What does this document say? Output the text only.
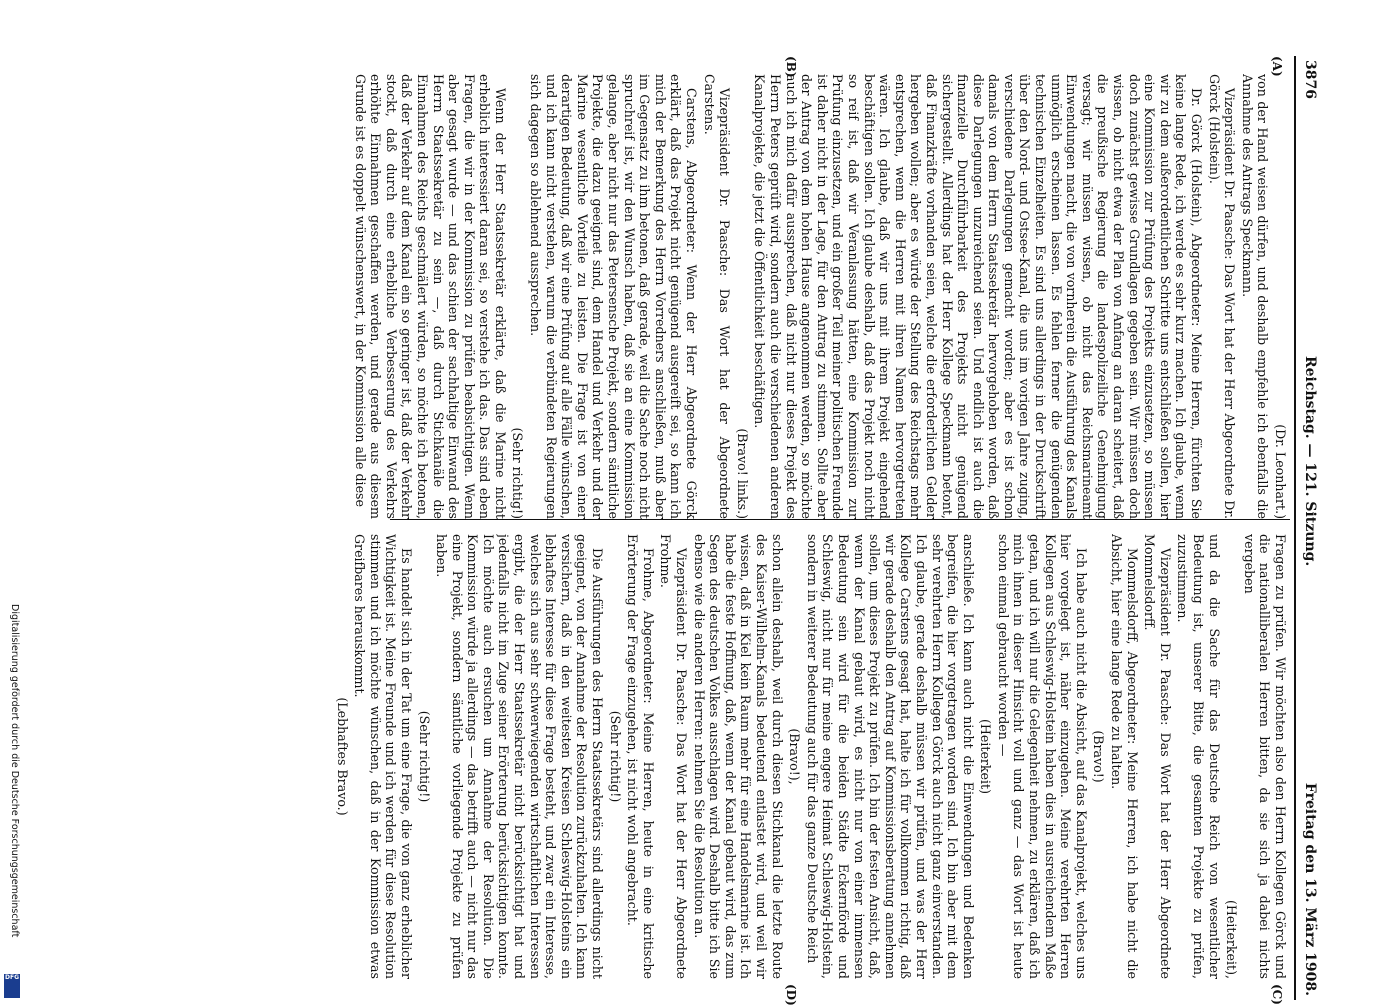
3876
Reichstag. — 121. Sitzung.
Freitag den 13. März 1908.
(A)
(B)
(C)
(D)

(Dr. Leonhart.)

von der Hand weisen dürfen, und deshalb empfehle ich ebenfalls die Annahme des Antrags Speckmann.

Vizepräsident Dr. Paasche: Das Wort hat der Herr Abgeordnete Dr. Görck (Holstein).

Dr. Görck (Holstein), Abgeordneter: Meine Herren, fürchten Sie keine lange Rede, ich werde es sehr kurz machen. Ich glaube, wenn wir zu dem außerordentlichen Schritte uns entschließen sollen, hier eine Kommission zur Prüfung des Projekts einzusetzen, so müssen doch zunächst gewisse Grundlagen gegeben sein. Wir müssen doch wissen, ob nicht etwa der Plan von Anfang an daran scheitert, daß die preußische Regierung die landespolizeiliche Genehmigung versagt; wir müssen wissen, ob nicht das Reichsmarineamt Einwendungen macht, die von vornherein die Ausführung des Kanals unmöglich erscheinen lassen. Es fehlen ferner die genügenden technischen Einzelheiten. Es sind uns allerdings in der Druckschrift über den Nord- und Ostsee-Kanal, die uns im vorigen Jahre zuging, verschiedene Darlegungen gemacht worden; aber es ist schon damals von dem Herrn Staatssekretär hervorgehoben worden, daß diese Darlegungen unzureichend seien. Und endlich ist auch die finanzielle Durchführbarkeit des Projekts nicht genügend sichergestellt. Allerdings hat der Herr Kollege Speckmann betont, daß Finanzkräfte vorhanden seien, welche die erforderlichen Gelder hergeben wollen; aber es würde der Stellung des Reichstags mehr entsprechen, wenn die Herren mit ihren Namen hervorgetreten wären. Ich glaube, daß wir uns mit ihrem Projekt eingehend beschäftigen sollen. Ich glaube deshalb, daß das Projekt noch nicht so reif ist, daß wir Veranlassung hätten, eine Kommission zur Prüfung einzusetzen, und ein großer Teil meiner politischen Freunde ist daher nicht in der Lage, für den Antrag zu stimmen. Sollte aber der Antrag von dem hohen Hause angenommen werden, so möchte auch ich mich dafür aussprechen, daß nicht nur dieses Projekt des Herrn Peters geprüft wird, sondern auch die verschiedenen anderen Kanalprojekte, die jetzt die Öffentlichkeit beschäftigen.

(Bravo! links.)

Vizepräsident Dr. Paasche: Das Wort hat der Abgeordnete Carstens.

Carstens, Abgeordneter: Wenn der Herr Abgeordnete Görck erklärt, daß das Projekt nicht genügend ausgereift sei, so kann ich mich der Bemerkung des Herrn Vorredners anschließen, muß aber im Gegensatz zu ihm betonen, daß gerade, weil die Sache noch nicht spruchreif ist, wir den Wunsch haben, daß sie an eine Kommission gelange, aber nicht nur das Petersensche Projekt, sondern sämtliche Projekte, die dazu geeignet sind, dem Handel und Verkehr und der Marine wesentliche Vorteile zu leisten. Die Frage ist von einer derartigen Bedeutung, daß wir eine Prüfung auf alle Fälle wünschen, und ich kann nicht verstehen, warum die verbündeten Regierungen sich dagegen so ablehnend aussprechen.

(Sehr richtig!)

Wenn der Herr Staatssekretär erklärte, daß die Marine nicht erheblich interessiert daran sei, so verstehe ich das. Das sind eben Fragen, die wir in der Kommission zu prüfen beabsichtigen. Wenn aber gesagt wurde — und das schien der sachhaltige Einwand des Herrn Staatssekretär zu sein —, daß durch Stichkanäle die Einnahmen des Reichs geschmälert würden, so möchte ich betonen, daß der Verkehr auf dem Kanal ein so geringer ist, daß der Verkehr stockt, daß durch eine erhebliche Verbesserung des Verkehrs erhöhte Einnahmen geschaffen werden, und gerade aus diesem Grunde ist es doppelt wünschenswert, in der Kommission alle diese

Fragen zu prüfen. Wir möchten also den Herrn Kollegen Görck und die nationalliberalen Herren bitten, da sie sich ja dabei nichts vergeben

(Heiterkeit),

und da die Sache für das Deutsche Reich von wesentlicher Bedeutung ist, unserer Bitte, die gesamten Projekte zu prüfen, zuzustimmen.

Vizepräsident Dr. Paasche: Das Wort hat der Herr Abgeordnete Mommelsdorff.

Mommelsdorff, Abgeordneter: Meine Herren, ich habe nicht die Absicht, hier eine lange Rede zu halten.

(Bravo!)

Ich habe auch nicht die Absicht, auf das Kanalprojekt, welches uns hier vorgelegt ist, näher einzugehen. Meine verehrten Herren Kollegen aus Schleswig-Holstein haben dies in ausreichendem Maße getan, und ich will nur die Gelegenheit nehmen, zu erklären, daß ich mich ihnen in dieser Hinsicht voll und ganz — das Wort ist heute schon einmal gebraucht worden —

(Heiterkeit)

anschließe. Ich kann auch nicht die Einwendungen und Bedenken begreifen, die hier vorgetragen worden sind. Ich bin aber mit dem sehr verehrten Herrn Kollegen Görck auch nicht ganz einverstanden. Ich glaube, gerade deshalb müssen wir prüfen, und was der Herr Kollege Carstens gesagt hat, halte ich für vollkommen richtig, daß wir gerade deshalb den Antrag auf Kommissionsberatung annehmen sollen, um dieses Projekt zu prüfen. Ich bin der festen Ansicht, daß, wenn der Kanal gebaut wird, es nicht nur von einer immensen Bedeutung sein wird für die beiden Städte Eckernförde und Schleswig, nicht nur für meine engere Heimat Schleswig-Holstein, sondern in weiterer Bedeutung auch für das ganze Deutsche Reich

(Bravo!),

schon allein deshalb, weil durch diesen Stichkanal die letzte Route des Kaiser-Wilhelm-Kanals bedeutend entlastet wird, und weil wir wissen, daß in Kiel kein Raum mehr für eine Handelsmarine ist. Ich habe die feste Hoffnung, daß, wenn der Kanal gebaut wird, das zum Segen des deutschen Volkes ausschlagen wird. Deshalb bitte ich Sie ebenso wie die anderen Herren: nehmen Sie die Resolution an.

Vizepräsident Dr. Paasche: Das Wort hat der Herr Abgeordnete Frohme.

Frohme, Abgeordneter: Meine Herren, heute in eine kritische Erörterung der Frage einzugehen, ist nicht wohl angebracht.

(Sehr richtig!)

Die Ausführungen des Herrn Staatssekretärs sind allerdings nicht geeignet, von der Annahme der Resolution zurückzuhalten. Ich kann versichern, daß in den weitesten Kreisen Schleswig-Holsteins ein lebhaftes Interesse für diese Frage besteht, und zwar ein Interesse, welches sich aus sehr schwerwiegenden wirtschaftlichen Interessen ergibt, die der Herr Staatssekretär nicht berücksichtigt hat und jedenfalls nicht im Zuge seiner Erörterung berücksichtigen konnte. Ich möchte auch ersuchen um Annahme der Resolution. Die Kommission würde ja allerdings — das betrifft auch — nicht nur das eine Projekt, sondern sämtliche vorliegende Projekte zu prüfen haben.

(Sehr richtig!)

Es handelt sich in der Tat um eine Frage, die von ganz erheblicher Wichtigkeit ist. Meine Freunde und ich werden für diese Resolution stimmen und ich möchte wünschen, daß in der Kommission etwas Greifbares herauskommt.

(Lebhaftes Bravo.)

Digitalisierung gefördert durch die Deutsche Forschungsgemeinschaft
DFG
